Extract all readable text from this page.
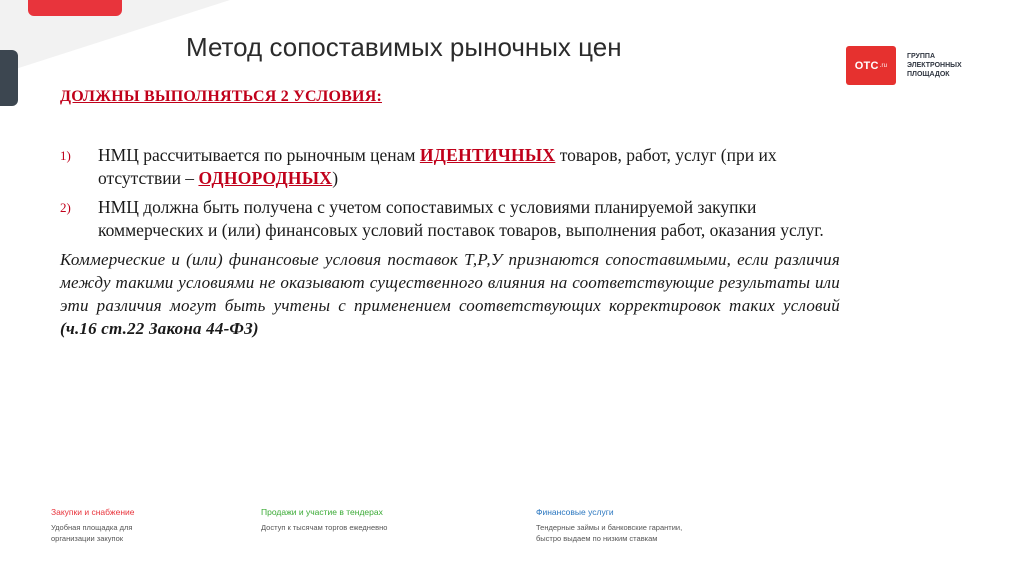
Метод сопоставимых рыночных цен
OTC .ru
ГРУППА
ЭЛЕКТРОННЫХ
ПЛОЩАДОК
ДОЛЖНЫ ВЫПОЛНЯТЬСЯ 2 УСЛОВИЯ:
1) НМЦ рассчитывается по рыночным ценам ИДЕНТИЧНЫХ товаров, работ, услуг (при их отсутствии – ОДНОРОДНЫХ)
2) НМЦ должна быть получена с учетом сопоставимых с условиями планируемой закупки коммерческих и (или) финансовых условий поставок товаров, выполнения работ, оказания услуг.
Коммерческие и (или) финансовые условия поставок Т,Р,У признаются сопоставимыми, если различия между такими условиями не оказывают существенного влияния на соответствующие результаты или эти различия могут быть учтены с применением соответствующих корректировок таких условий (ч.16 ст.22 Закона 44-ФЗ)
Закупки и снабжение
Удобная площадка для
организации закупок
Продажи и участие в тендерах
Доступ к тысячам торгов ежедневно
Финансовые услуги
Тендерные займы и банковские гарантии,
быстро выдаем по низким ставкам
